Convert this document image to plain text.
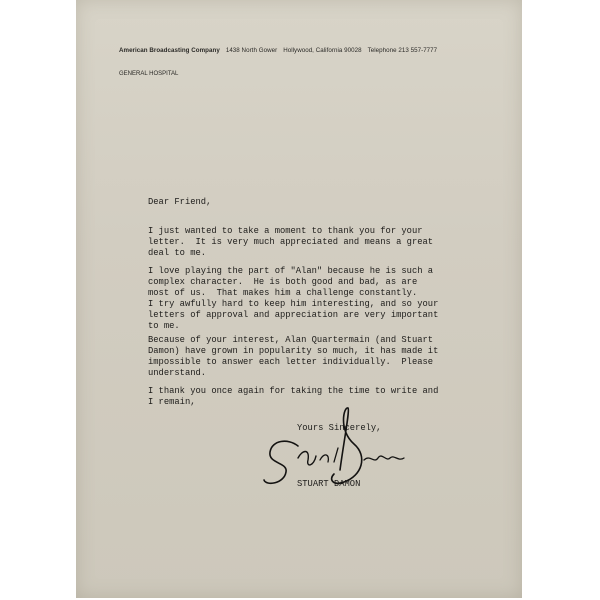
American Broadcasting Company 1438 North Gower Hollywood, California 90028 Telephone 213 557-7777
GENERAL HOSPITAL
Dear Friend,
I just wanted to take a moment to thank you for your
letter.  It is very much appreciated and means a great
deal to me.
I love playing the part of "Alan" because he is such a
complex character.  He is both good and bad, as are
most of us.  That makes him a challenge constantly.
I try awfully hard to keep him interesting, and so your
letters of approval and appreciation are very important
to me.
Because of your interest, Alan Quartermain (and Stuart
Damon) have grown in popularity so much, it has made it
impossible to answer each letter individually.  Please
understand.
I thank you once again for taking the time to write and
I remain,
Yours Sincerely,
STUART DAMON
